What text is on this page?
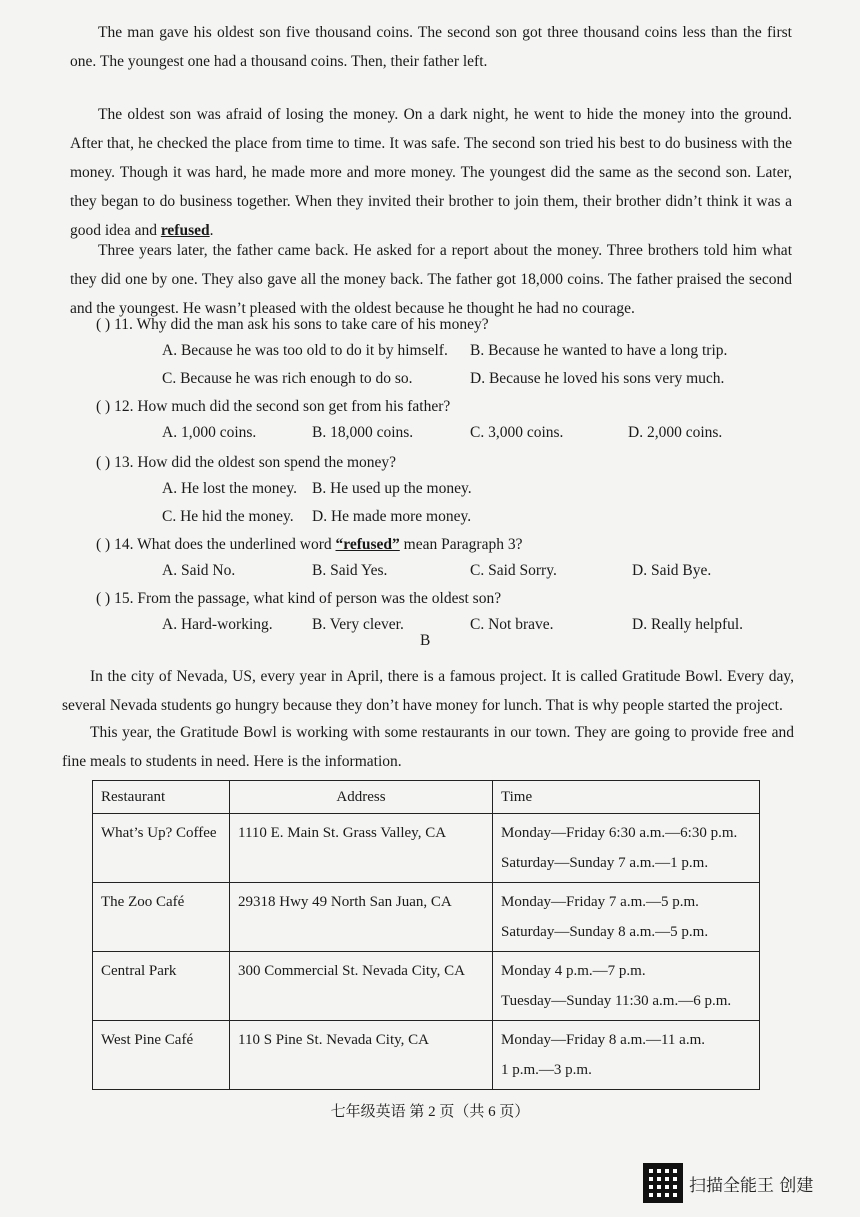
The man gave his oldest son five thousand coins. The second son got three thousand coins less than the first one. The youngest one had a thousand coins. Then, their father left.

The oldest son was afraid of losing the money. On a dark night, he went to hide the money into the ground. After that, he checked the place from time to time. It was safe. The second son tried his best to do business with the money. Though it was hard, he made more and more money. The youngest did the same as the second son. Later, they began to do business together. When they invited their brother to join them, their brother didn’t think it was a good idea and refused.

Three years later, the father came back. He asked for a report about the money. Three brothers told him what they did one by one. They also gave all the money back. The father got 18,000 coins. The father praised the second and the youngest. He wasn’t pleased with the oldest because he thought he had no courage.

( ) 11. Why did the man ask his sons to take care of his money?
A. Because he was too old to do it by himself. B. Because he wanted to have a long trip.
C. Because he was rich enough to do so.	D. Because he loved his sons very much.
( ) 12. How much did the second son get from his father?
A. 1,000 coins.	B. 18,000 coins.	C. 3,000 coins.	D. 2,000 coins.
( ) 13. How did the oldest son spend the money?
A. He lost the money. B. He used up the money.
C. He hid the money. D. He made more money.
( ) 14. What does the underlined word “refused” mean Paragraph 3?
A. Said No.	B. Said Yes.	C. Said Sorry.	D. Said Bye.
( ) 15. From the passage, what kind of person was the oldest son?
A. Hard-working.	B. Very clever.	C. Not brave.	D. Really helpful.
B

In the city of Nevada, US, every year in April, there is a famous project. It is called Gratitude Bowl. Every day, several Nevada students go hungry because they don’t have money for lunch. That is why people started the project.

This year, the Gratitude Bowl is working with some restaurants in our town. They are going to provide free and fine meals to students in need. Here is the information.

Restaurant	Address	Time
What’s Up? Coffee	1110 E. Main St. Grass Valley, CA	Monday—Friday 6:30 a.m.—6:30 p.m.
Saturday—Sunday 7 a.m.—1 p.m.

The Zoo Café	29318 Hwy 49 North San Juan, CA	Monday—Friday 7 a.m.—5 p.m.
Saturday—Sunday 8 a.m.—5 p.m.

Central Park	300 Commercial St. Nevada City, CA	Monday 4 p.m.—7 p.m.
Tuesday—Sunday 11:30 a.m.—6 p.m.

West Pine Café	110 S Pine St. Nevada City, CA	Monday—Friday 8 a.m.—11 a.m.
1 p.m.—3 p.m.
七年级英语 第 2 页（共 6 页）
扫描全能王 创建
